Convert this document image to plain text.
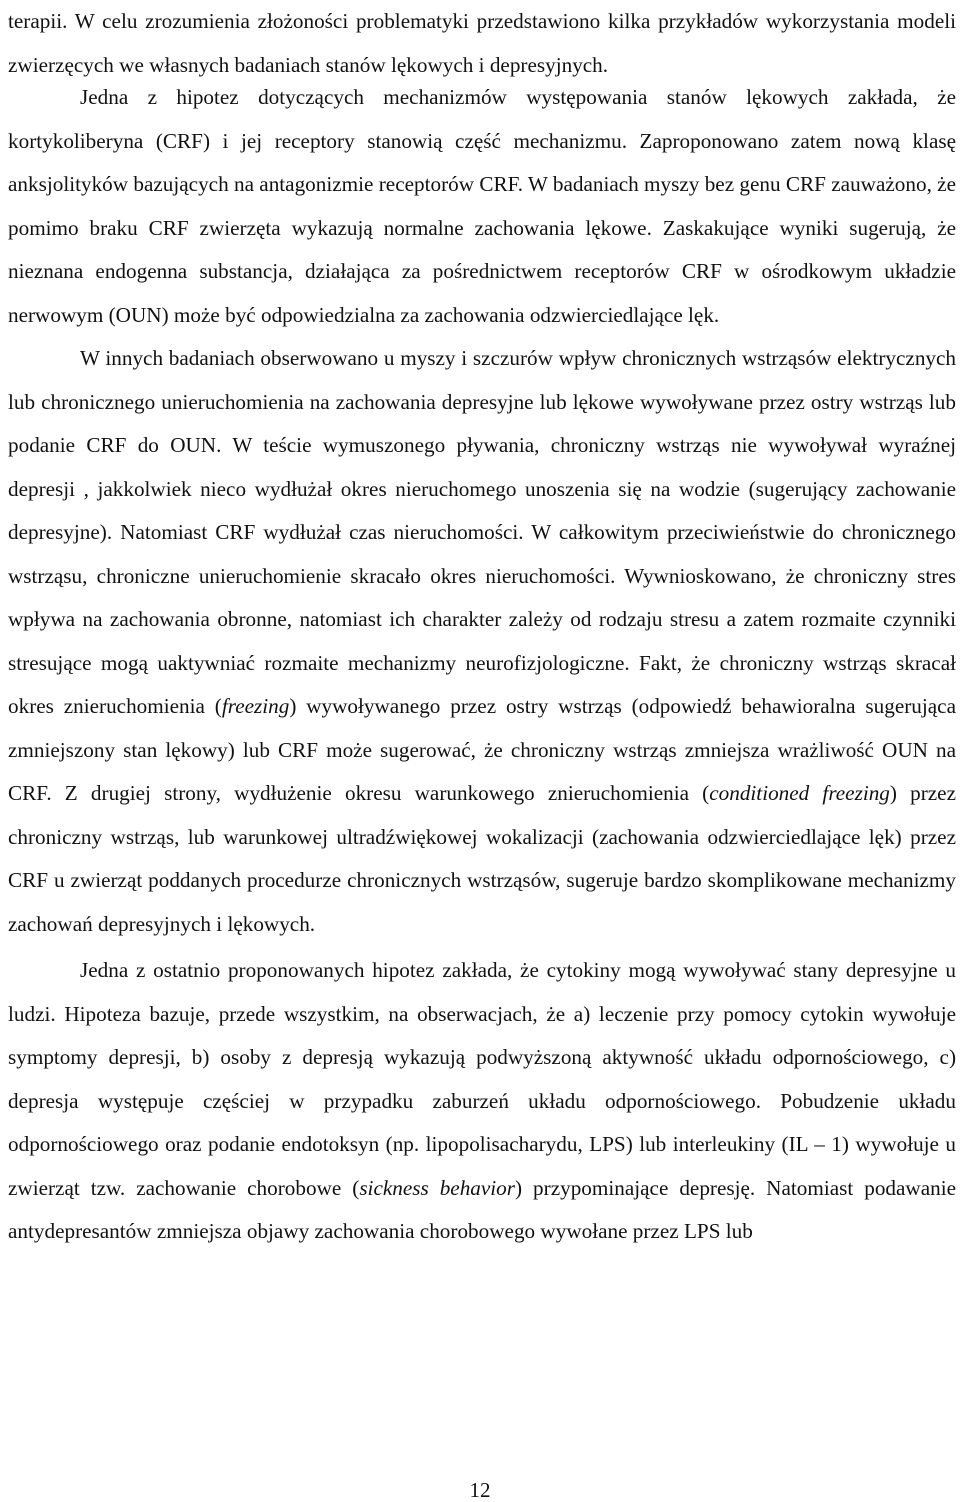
terapii. W celu zrozumienia złożoności problematyki przedstawiono kilka przykładów wykorzystania modeli zwierzęcych we własnych badaniach stanów lękowych i depresyjnych.

Jedna z hipotez dotyczących mechanizmów występowania stanów lękowych zakłada, że kortykoliberyna (CRF) i jej receptory stanowią część mechanizmu. Zaproponowano zatem nową klasę anksjolityków bazujących na antagonizmie receptorów CRF. W badaniach myszy bez genu CRF zauważono, że pomimo braku CRF zwierzęta wykazują normalne zachowania lękowe. Zaskakujące wyniki sugerują, że nieznana endogenna substancja, działająca za pośrednictwem receptorów CRF w ośrodkowym układzie nerwowym (OUN) może być odpowiedzialna za zachowania odzwierciedlające lęk.

W innych badaniach obserwowano u myszy i szczurów wpływ chronicznych wstrząsów elektrycznych lub chronicznego unieruchomienia na zachowania depresyjne lub lękowe wywoływane przez ostry wstrząs lub podanie CRF do OUN. W teście wymuszonego pływania, chroniczny wstrząs nie wywoływał wyraźnej depresji , jakkolwiek nieco wydłużał okres nieruchomego unoszenia się na wodzie (sugerujący zachowanie depresyjne). Natomiast CRF wydłużał czas nieruchomości. W całkowitym przeciwieństwie do chronicznego wstrząsu, chroniczne unieruchomienie skracało okres nieruchomości. Wywnioskowano, że chroniczny stres wpływa na zachowania obronne, natomiast ich charakter zależy od rodzaju stresu a zatem rozmaite czynniki stresujące mogą uaktywniać rozmaite mechanizmy neurofizjologiczne. Fakt, że chroniczny wstrząs skracał okres znieruchomienia (freezing) wywoływanego przez ostry wstrząs (odpowiedź behawioralna sugerująca zmniejszony stan lękowy) lub CRF może sugerować, że chroniczny wstrząs zmniejsza wrażliwość OUN na CRF. Z drugiej strony, wydłużenie okresu warunkowego znieruchomienia (conditioned freezing) przez chroniczny wstrząs, lub warunkowej ultradźwiękowej wokalizacji (zachowania odzwierciedlające lęk) przez CRF u zwierząt poddanych procedurze chronicznych wstrząsów, sugeruje bardzo skomplikowane mechanizmy zachowań depresyjnych i lękowych.

Jedna z ostatnio proponowanych hipotez zakłada, że cytokiny mogą wywoływać stany depresyjne u ludzi. Hipoteza bazuje, przede wszystkim, na obserwacjach, że a) leczenie przy pomocy cytokin wywołuje symptomy depresji, b) osoby z depresją wykazują podwyższoną aktywność układu odpornościowego, c) depresja występuje częściej w przypadku zaburzeń układu odpornościowego. Pobudzenie układu odpornościowego oraz podanie endotoksyn (np. lipopolisacharydu, LPS) lub interleukiny (IL – 1) wywołuje u zwierząt tzw. zachowanie chorobowe (sickness behavior) przypominające depresję. Natomiast podawanie antydepresantów zmniejsza objawy zachowania chorobowego wywołane przez LPS lub

12
